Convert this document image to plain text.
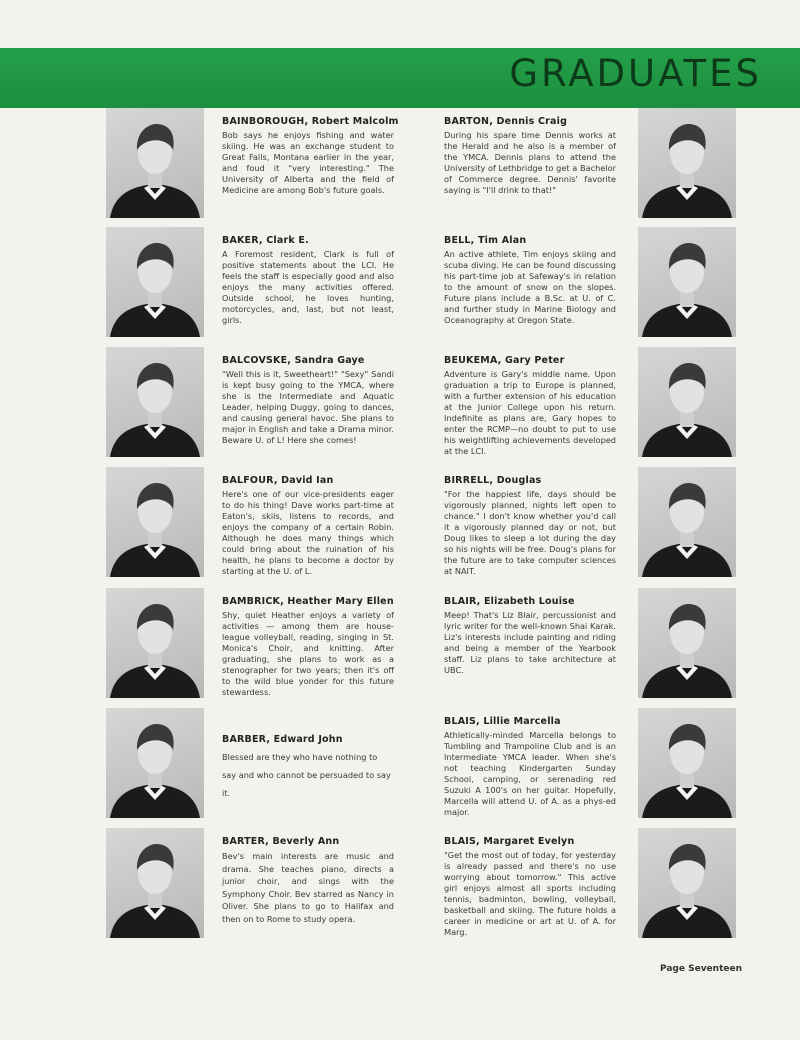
GRADUATES
BAINBOROUGH, Robert Malcolm
Bob says he enjoys fishing and water skiing. He was an exchange student to Great Falls, Montana earlier in the year, and foud it "very interesting." The University of Alberta and the field of Medicine are among Bob's future goals.
BAKER, Clark E.
A Foremost resident, Clark is full of positive statements about the LCI. He feels the staff is especially good and also enjoys the many activities offered. Outside school, he loves hunting, motorcycles, and, last, but not least, girls.
BALCOVSKE, Sandra Gaye
"Well this is it, Sweetheart!" "Sexy" Sandi is kept busy going to the YMCA, where she is the Intermediate and Aquatic Leader, helping Duggy, going to dances, and causing general havoc. She plans to major in English and take a Drama minor. Beware U. of L! Here she comes!
BALFOUR, David Ian
Here's one of our vice-presidents eager to do his thing! Dave works part-time at Eaton's, skiis, listens to records, and enjoys the company of a certain Robin. Although he does many things which could bring about the ruination of his health, he plans to become a doctor by starting at the U. of L.
BAMBRICK, Heather Mary Ellen
Shy, quiet Heather enjoys a variety of activities — among them are house-league volleyball, reading, singing in St. Monica's Choir, and knitting. After graduating, she plans to work as a stenographer for two years; then it's off to the wild blue yonder for this future stewardess.
BARBER, Edward John
Blessed are they who have nothing to say and who cannot be persuaded to say it.
BARTER, Beverly Ann
Bev's main interests are music and drama. She teaches piano, directs a junior choir, and sings with the Symphony Choir. Bev starred as Nancy in Oliver. She plans to go to Halifax and then on to Rome to study opera.
BARTON, Dennis Craig
During his spare time Dennis works at the Herald and he also is a member of the YMCA. Dennis plans to attend the University of Lethbridge to get a Bachelor of Commerce degree. Dennis' favorite saying is "I'll drink to that!"
BELL, Tim Alan
An active athlete, Tim enjoys skiing and scuba diving. He can be found discussing his part-time job at Safeway's in relation to the amount of snow on the slopes. Future plans include a B.Sc. at U. of C. and further study in Marine Biology and Oceanography at Oregon State.
BEUKEMA, Gary Peter
Adventure is Gary's middle name. Upon graduation a trip to Europe is planned, with a further extension of his education at the Junior College upon his return. Indefinite as plans are, Gary hopes to enter the RCMP—no doubt to put to use his weightlifting achievements developed at the LCI.
BIRRELL, Douglas
"For the happiest life, days should be vigorously planned, nights left open to chance." I don't know whether you'd call it a vigorously planned day or not, but Doug likes to sleep a lot during the day so his nights will be free. Doug's plans for the future are to take computer sciences at NAIT.
BLAIR, Elizabeth Louise
Meep! That's Liz Blair, percussionist and lyric writer for the well-known Shai Karak. Liz's interests include painting and riding and being a member of the Yearbook staff. Liz plans to take architecture at UBC.
BLAIS, Lillie Marcella
Athletically-minded Marcella belongs to Tumbling and Trampoline Club and is an Intermediate YMCA leader. When she's not teaching Kindergarten Sunday School, camping, or serenading red Suzuki A 100's on her guitar. Hopefully, Marcella will attend U. of A. as a phys-ed major.
BLAIS, Margaret Evelyn
"Get the most out of today, for yesterday is already passed and there's no use worrying about tomorrow." This active girl enjoys almost all sports including tennis, badminton, bowling, volleyball, basketball and skiing. The future holds a career in medicine or art at U. of A. for Marg.
Page Seventeen
